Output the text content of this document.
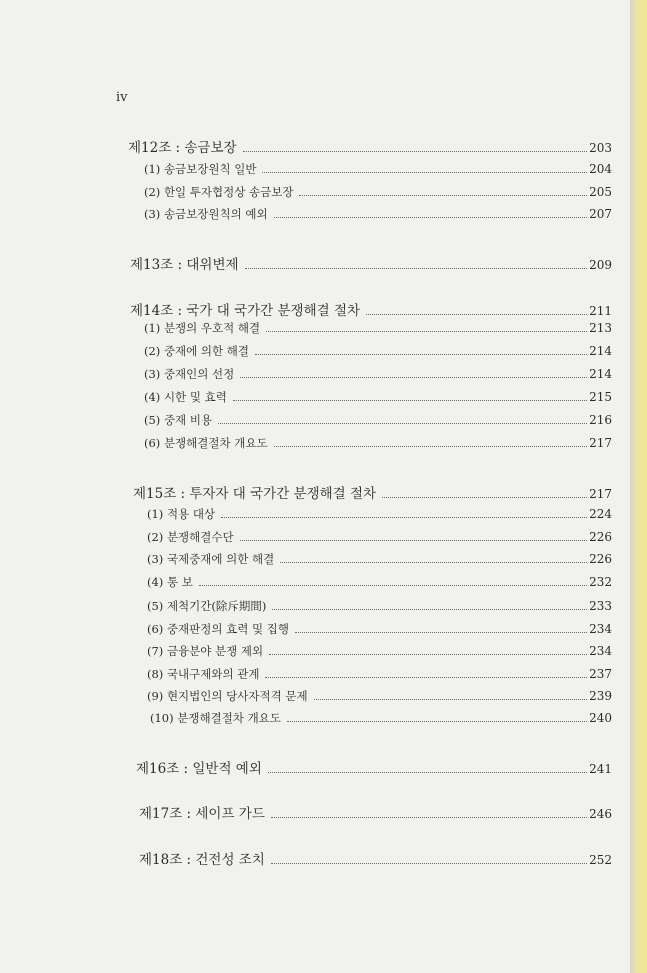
iv
제12조 : 송금보장	203
(1) 송금보장원칙 일반	204
(2) 한일 투자협정상 송금보장	205
(3) 송금보장원칙의 예외	207
제13조 : 대위변제	209
제14조 : 국가 대 국가간 분쟁해결 절차	211
(1) 분쟁의 우호적 해결	213
(2) 중재에 의한 해결	214
(3) 중재인의 선정	214
(4) 시한 및 효력	215
(5) 중재 비용	216
(6) 분쟁해결절차 개요도	217
제15조 : 투자자 대 국가간 분쟁해결 절차	217
(1) 적용 대상	224
(2) 분쟁해결수단	226
(3) 국제중재에 의한 해결	226
(4) 통 보	232
(5) 제척기간(除斥期間)	233
(6) 중재판정의 효력 및 집행	234
(7) 금융분야 분쟁 제외	234
(8) 국내구제와의 관계	237
(9) 현지법인의 당사자적격 문제	239
(10) 분쟁해결절차 개요도	240
제16조 : 일반적 예외	241
제17조 : 세이프 가드	246
제18조 : 건전성 조치	252
